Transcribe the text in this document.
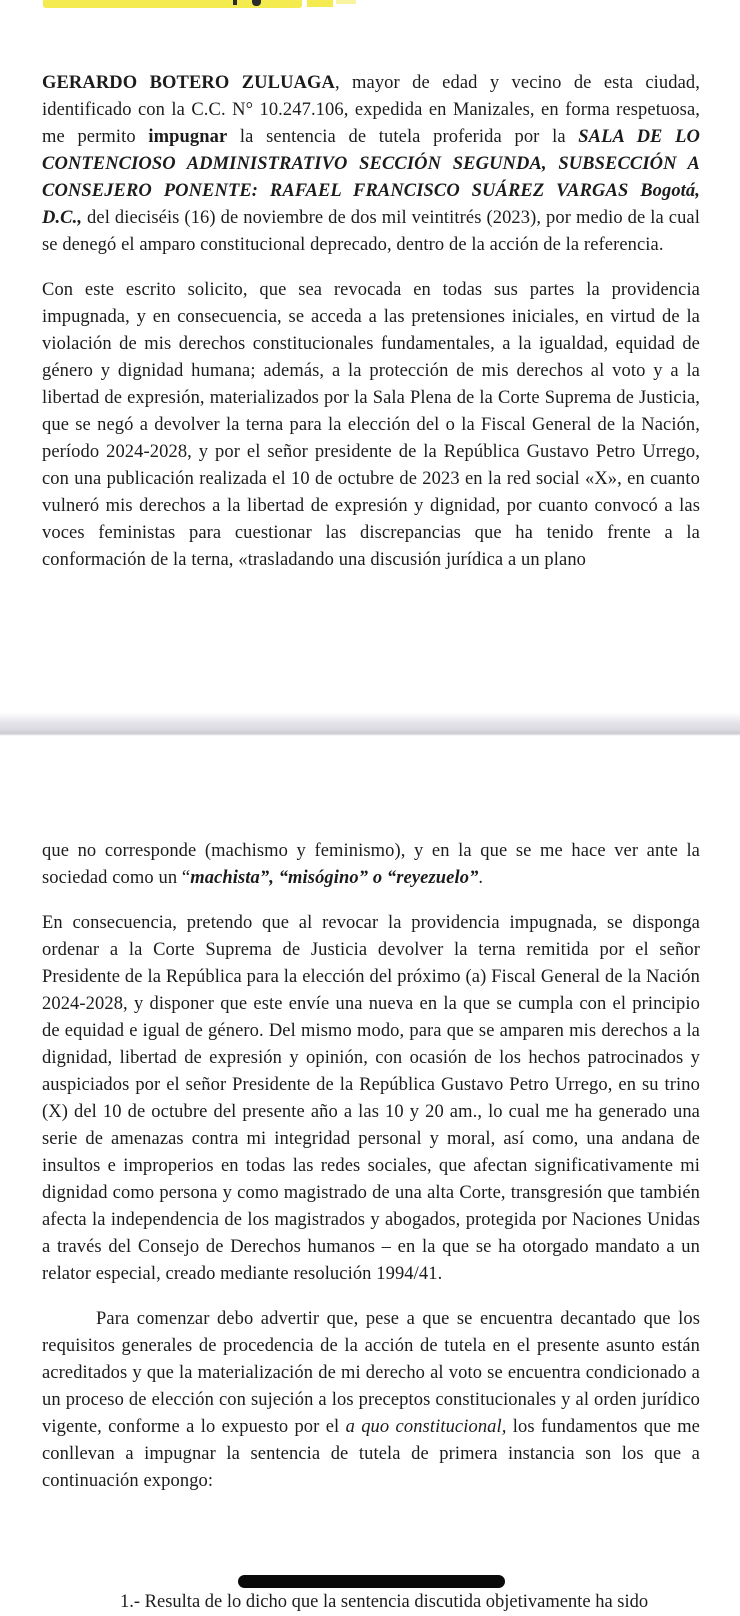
GERARDO BOTERO ZULUAGA, mayor de edad y vecino de esta ciudad, identificado con la C.C. N° 10.247.106, expedida en Manizales, en forma respetuosa, me permito impugnar la sentencia de tutela proferida por la SALA DE LO CONTENCIOSO ADMINISTRATIVO SECCIÓN SEGUNDA, SUBSECCIÓN A CONSEJERO PONENTE: RAFAEL FRANCISCO SUÁREZ VARGAS Bogotá, D.C., del dieciséis (16) de noviembre de dos mil veintitrés (2023), por medio de la cual se denegó el amparo constitucional deprecado, dentro de la acción de la referencia.

Con este escrito solicito, que sea revocada en todas sus partes la providencia impugnada, y en consecuencia, se acceda a las pretensiones iniciales, en virtud de la violación de mis derechos constitucionales fundamentales, a la igualdad, equidad de género y dignidad humana; además, a la protección de mis derechos al voto y a la libertad de expresión, materializados por la Sala Plena de la Corte Suprema de Justicia, que se negó a devolver la terna para la elección del o la Fiscal General de la Nación, período 2024-2028, y por el señor presidente de la República Gustavo Petro Urrego, con una publicación realizada el 10 de octubre de 2023 en la red social «X», en cuanto vulneró mis derechos a la libertad de expresión y dignidad, por cuanto convocó a las voces feministas para cuestionar las discrepancias que ha tenido frente a la conformación de la terna, «trasladando una discusión jurídica a un plano

que no corresponde (machismo y feminismo), y en la que se me hace ver ante la sociedad como un “machista”, “misógino” o “reyezuelo”.

En consecuencia, pretendo que al revocar la providencia impugnada, se disponga ordenar a la Corte Suprema de Justicia devolver la terna remitida por el señor Presidente de la República para la elección del próximo (a) Fiscal General de la Nación 2024-2028, y disponer que este envíe una nueva en la que se cumpla con el principio de equidad e igual de género. Del mismo modo, para que se amparen mis derechos a la dignidad, libertad de expresión y opinión, con ocasión de los hechos patrocinados y auspiciados por el señor Presidente de la República Gustavo Petro Urrego, en su trino (X) del 10 de octubre del presente año a las 10 y 20 am., lo cual me ha generado una serie de amenazas contra mi integridad personal y moral, así como, una andana de insultos e improperios en todas las redes sociales, que afectan significativamente mi dignidad como persona y como magistrado de una alta Corte, transgresión que también afecta la independencia de los magistrados y abogados, protegida por Naciones Unidas a través del Consejo de Derechos humanos – en la que se ha otorgado mandato a un relator especial, creado mediante resolución 1994/41.

Para comenzar debo advertir que, pese a que se encuentra decantado que los requisitos generales de procedencia de la acción de tutela en el presente asunto están acreditados y que la materialización de mi derecho al voto se encuentra condicionado a un proceso de elección con sujeción a los preceptos constitucionales y al orden jurídico vigente, conforme a lo expuesto por el a quo constitucional, los fundamentos que me conllevan a impugnar la sentencia de tutela de primera instancia son los que a continuación expongo:

1.- Resulta de lo dicho que la sentencia discutida objetivamente ha sido
